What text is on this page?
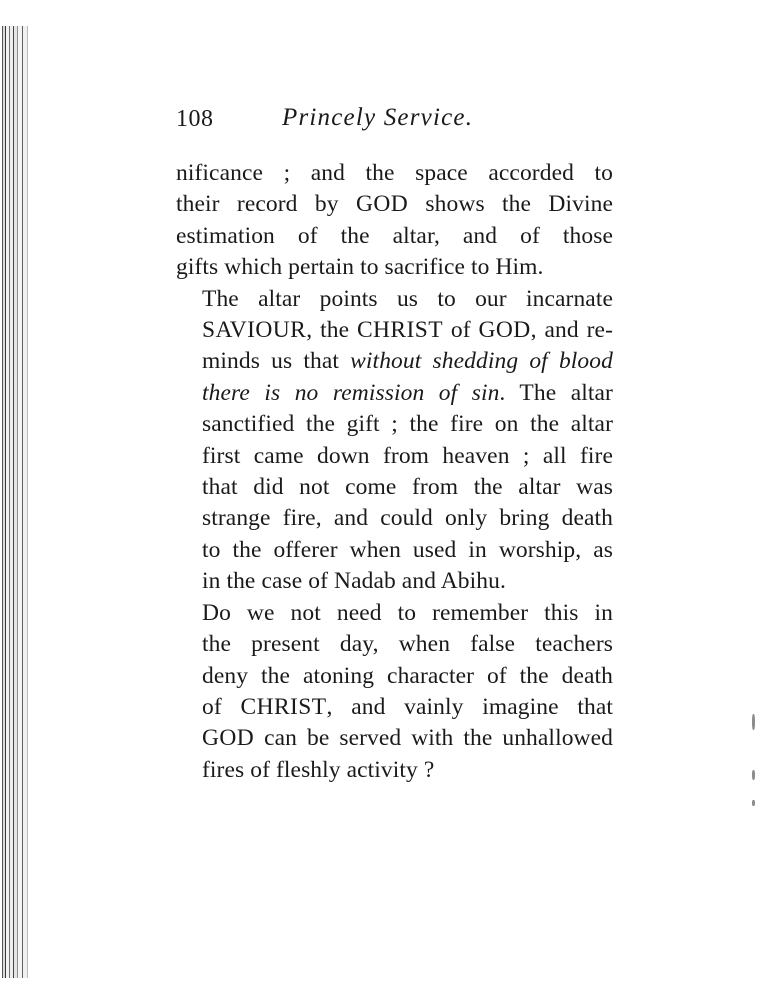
108	Princely Service.

nificance ; and the space accorded to
their record by GOD shows the Divine
estimation of the altar, and of those
gifts which pertain to sacrifice to Him.

The altar points us to our incarnate
SAVIOUR, the CHRIST of GOD, and re-
minds us that without shedding of blood
there is no remission of sin. The altar
sanctified the gift ; the fire on the altar
first came down from heaven ; all fire
that did not come from the altar was
strange fire, and could only bring death
to the offerer when used in worship, as
in the case of Nadab and Abihu.

Do we not need to remember this in
the present day, when false teachers
deny the atoning character of the death
of CHRIST, and vainly imagine that
GOD can be served with the unhallowed
fires of fleshly activity ?
